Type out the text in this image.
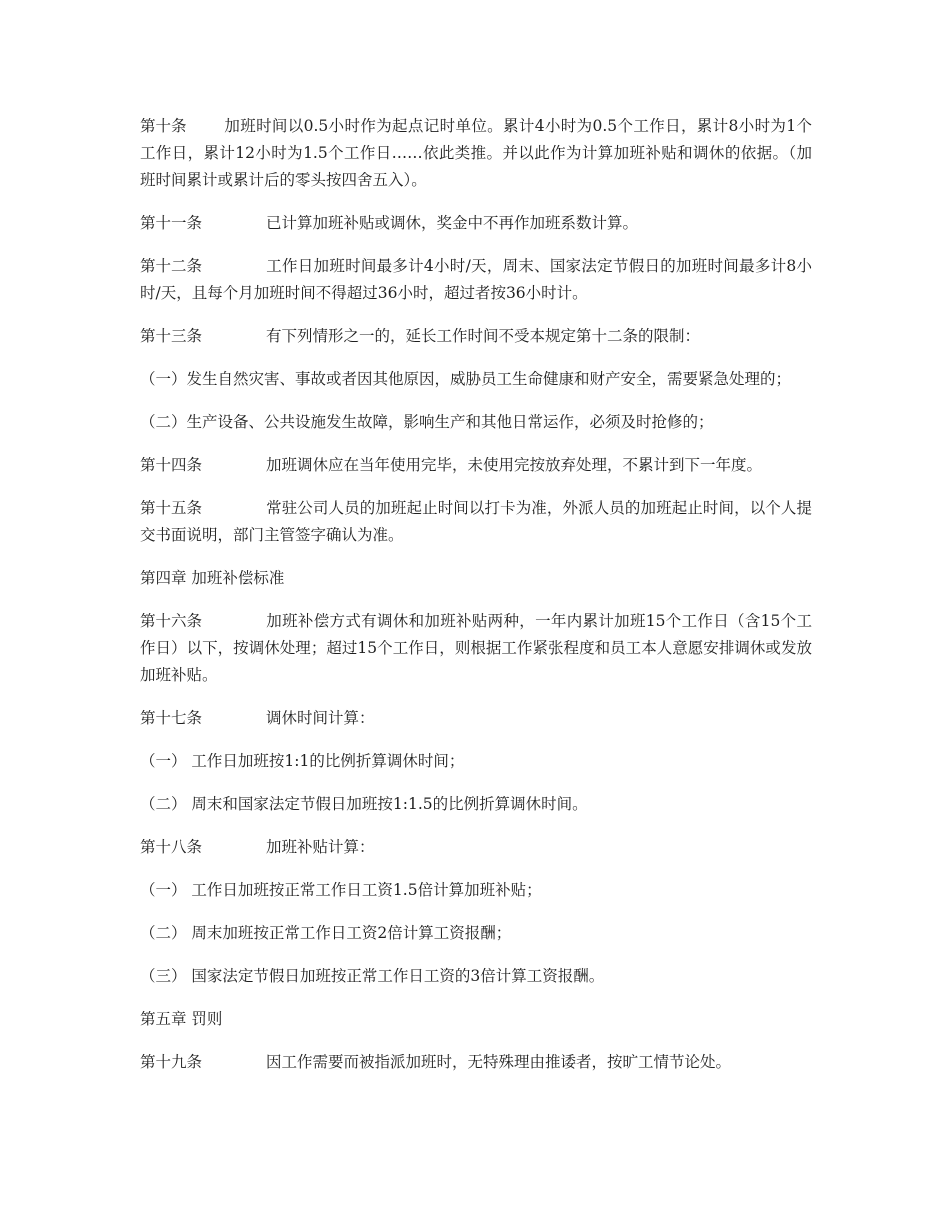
第十条 加班时间以0.5小时作为起点记时单位。累计4小时为0.5个工作日，累计8小时为1个工作日，累计12小时为1.5个工作日……依此类推。并以此作为计算加班补贴和调休的依据。（加班时间累计或累计后的零头按四舍五入）。

第十一条	已计算加班补贴或调休，奖金中不再作加班系数计算。

第十二条	工作日加班时间最多计4小时/天，周末、国家法定节假日的加班时间最多计8小时/天，且每个月加班时间不得超过36小时，超过者按36小时计。

第十三条	有下列情形之一的，延长工作时间不受本规定第十二条的限制：

（一）发生自然灾害、事故或者因其他原因，威胁员工生命健康和财产安全，需要紧急处理的；

（二）生产设备、公共设施发生故障，影响生产和其他日常运作，必须及时抢修的；

第十四条	加班调休应在当年使用完毕，未使用完按放弃处理，不累计到下一年度。

第十五条	常驻公司人员的加班起止时间以打卡为准，外派人员的加班起止时间，以个人提交书面说明，部门主管签字确认为准。

第四章 加班补偿标准

第十六条	加班补偿方式有调休和加班补贴两种，一年内累计加班15个工作日（含15个工作日）以下，按调休处理；超过15个工作日，则根据工作紧张程度和员工本人意愿安排调休或发放加班补贴。

第十七条	调休时间计算：

（一） 工作日加班按1:1的比例折算调休时间；

（二） 周末和国家法定节假日加班按1:1.5的比例折算调休时间。

第十八条	加班补贴计算：

（一） 工作日加班按正常工作日工资1.5倍计算加班补贴；

（二） 周末加班按正常工作日工资2倍计算工资报酬；

（三） 国家法定节假日加班按正常工作日工资的3倍计算工资报酬。

第五章 罚则

第十九条	因工作需要而被指派加班时，无特殊理由推诿者，按旷工情节论处。
